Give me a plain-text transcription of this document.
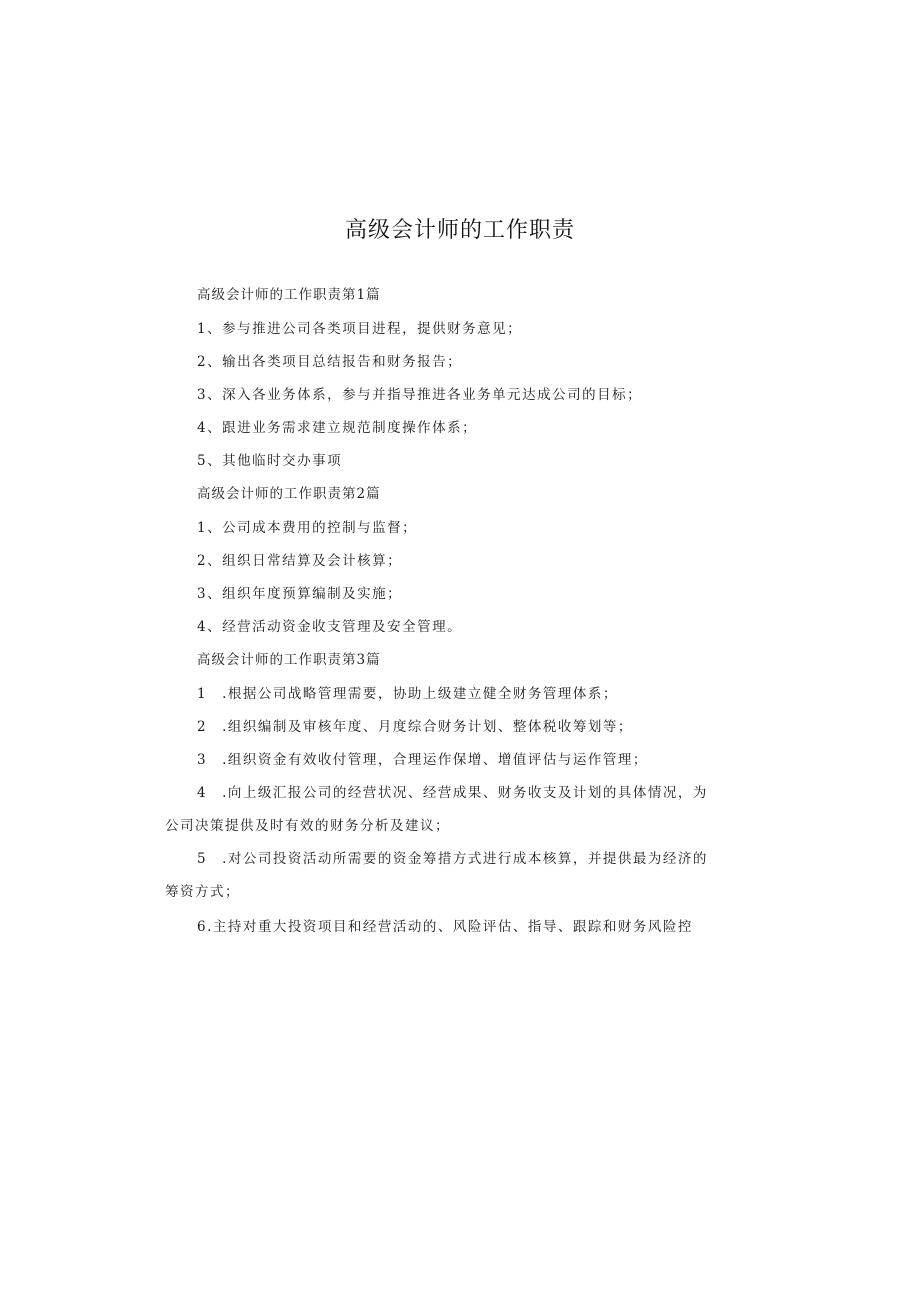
高级会计师的工作职责
高级会计师的工作职责第1篇
1、参与推进公司各类项目进程，提供财务意见；
2、输出各类项目总结报告和财务报告；
3、深入各业务体系，参与并指导推进各业务单元达成公司的目标；
4、跟进业务需求建立规范制度操作体系；
5、其他临时交办事项
高级会计师的工作职责第2篇
1、公司成本费用的控制与监督；
2、组织日常结算及会计核算；
3、组织年度预算编制及实施；
4、经营活动资金收支管理及安全管理。
高级会计师的工作职责第3篇
1　.根据公司战略管理需要，协助上级建立健全财务管理体系；
2　.组织编制及审核年度、月度综合财务计划、整体税收筹划等；
3　.组织资金有效收付管理，合理运作保增、增值评估与运作管理；
4　.向上级汇报公司的经营状况、经营成果、财务收支及计划的具体情况，为公司决策提供及时有效的财务分析及建议；
5　.对公司投资活动所需要的资金筹措方式进行成本核算，并提供最为经济的筹资方式；
6.主持对重大投资项目和经营活动的、风险评估、指导、跟踪和财务风险控
